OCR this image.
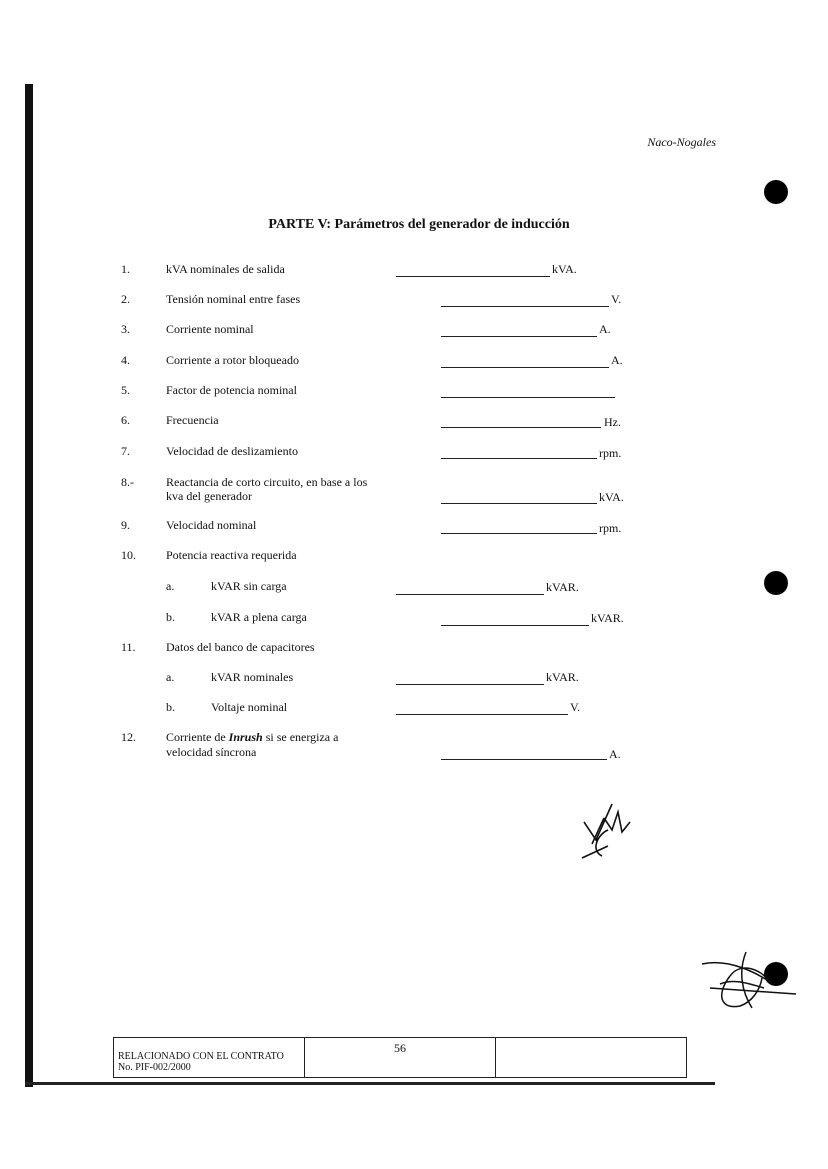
Naco-Nogales
PARTE V: Parámetros del generador de inducción
1.	kVA nominales de salida	kVA.
2.	Tensión nominal entre fases	V.
3.	Corriente nominal	A.
4.	Corriente a rotor bloqueado	A.
5.	Factor de potencia nominal
6.	Frecuencia	Hz.
7.	Velocidad de deslizamiento	rpm.
8.-	Reactancia de corto circuito, en base a los
kva del generador	kVA.
9.	Velocidad nominal	rpm.
10.	Potencia reactiva requerida
a.	kVAR sin carga	kVAR.
b.	kVAR a plena carga	kVAR.
11.	Datos del banco de capacitores
a.	kVAR nominales	kVAR.
b.	Voltaje nominal	V.
12.	Corriente de Inrush si se energiza a
velocidad síncrona	A.
RELACIONADO CON EL CONTRATO
No. PIF-002/2000
56
